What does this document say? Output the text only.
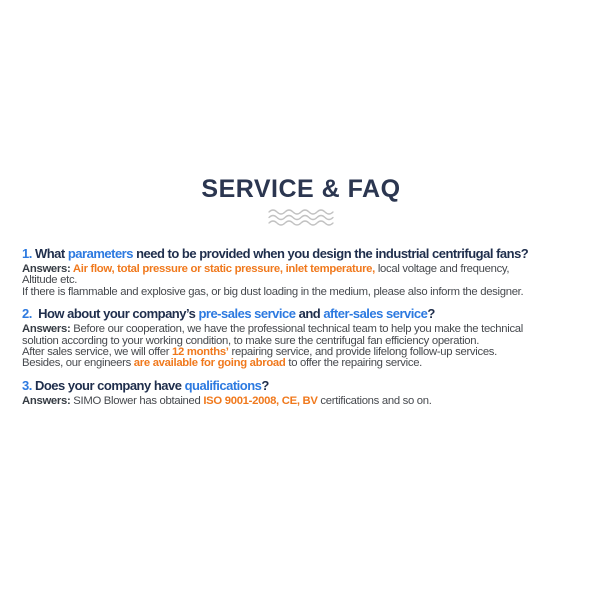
SERVICE & FAQ
1. What parameters need to be provided when you design the industrial centrifugal fans?
Answers: Air flow, total pressure or static pressure, inlet temperature, local voltage and frequency,
Altitude etc.
If there is flammable and explosive gas, or big dust loading in the medium, please also inform the designer.
2.  How about your company’s pre-sales service and after-sales service?
Answers: Before our cooperation, we have the professional technical team to help you make the technical
solution according to your working condition, to make sure the centrifugal fan efficiency operation.
After sales service, we will offer 12 months’ repairing service, and provide lifelong follow-up services.
Besides, our engineers are available for going abroad to offer the repairing service.
3. Does your company have qualifications?
Answers: SIMO Blower has obtained ISO 9001-2008, CE, BV certifications and so on.
